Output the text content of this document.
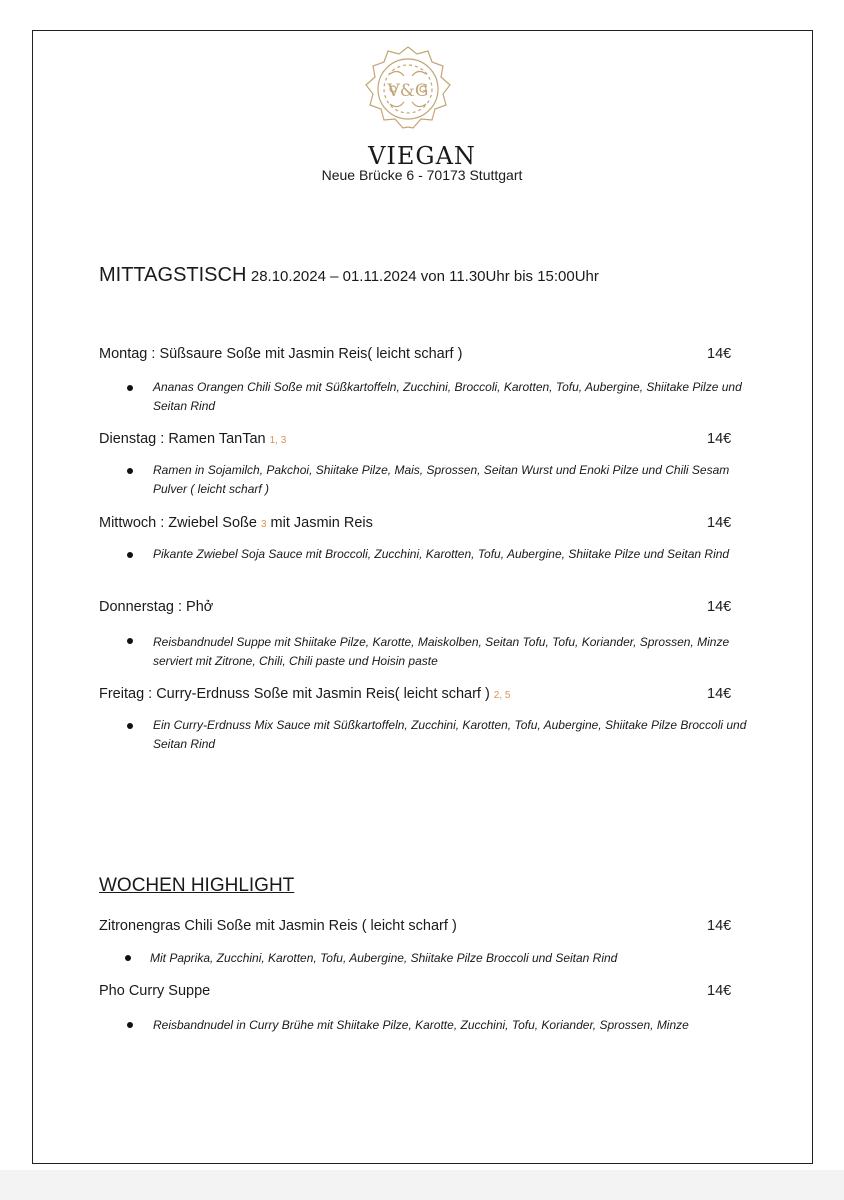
V&G
VIEGAN
Neue Brücke 6 - 70173 Stuttgart
MITTAGSTISCH 28.10.2024 – 01.11.2024 von 11.30Uhr bis 15:00Uhr
Montag : Süßsaure Soße mit Jasmin Reis( leicht scharf )	14€
Ananas Orangen Chili Soße mit Süßkartoffeln, Zucchini, Broccoli, Karotten, Tofu, Aubergine, Shiitake Pilze und Seitan Rind
Dienstag : Ramen TanTan 1, 3	14€
Ramen in Sojamilch, Pakchoi, Shiitake Pilze, Mais, Sprossen, Seitan Wurst und Enoki Pilze und Chili Sesam Pulver ( leicht scharf )
Mittwoch : Zwiebel Soße 3 mit Jasmin Reis	14€
Pikante Zwiebel Soja Sauce mit Broccoli, Zucchini, Karotten, Tofu, Aubergine, Shiitake Pilze und Seitan Rind
Donnerstag : Phở	14€
Reisbandnudel Suppe mit Shiitake Pilze, Karotte, Maiskolben, Seitan Tofu, Tofu, Koriander, Sprossen, Minze serviert mit Zitrone, Chili, Chili paste und Hoisin paste
Freitag : Curry-Erdnuss Soße mit Jasmin Reis( leicht scharf ) 2, 5	14€
Ein Curry-Erdnuss Mix Sauce mit Süßkartoffeln, Zucchini, Karotten, Tofu, Aubergine, Shiitake Pilze Broccoli und Seitan Rind
WOCHEN HIGHLIGHT
Zitronengras Chili Soße mit Jasmin Reis ( leicht scharf )	14€
Mit Paprika, Zucchini, Karotten, Tofu, Aubergine, Shiitake Pilze Broccoli und Seitan Rind
Pho Curry Suppe	14€
Reisbandnudel in Curry Brühe mit Shiitake Pilze, Karotte, Zucchini, Tofu, Koriander, Sprossen, Minze
